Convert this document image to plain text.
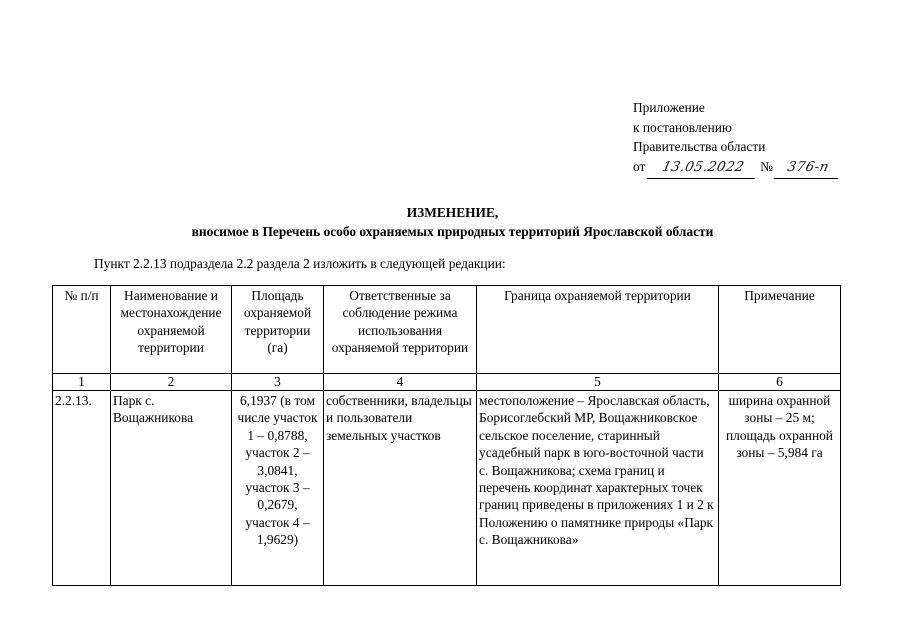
Приложение
к постановлению
Правительства области
от 13.05.2022 № 376-п
ИЗМЕНЕНИЕ,
вносимое в Перечень особо охраняемых природных территорий Ярославской области
Пункт 2.2.13 подраздела 2.2 раздела 2 изложить в следующей редакции:
№ п/п	Наименование и местонахождение охраняемой территории	Площадь охраняемой территории (га)	Ответственные за соблюдение режима использования охраняемой территории	Граница охраняемой территории	Примечание
1	2	3	4	5	6
2.2.13.	Парк с. Вощажникова	6,1937 (в том числе участок 1 – 0,8788, участок 2 – 3,0841, участок 3 – 0,2679, участок 4 – 1,9629)	собственники, владельцы и пользователи земельных участков	местоположение – Ярославская область, Борисоглебский МР, Вощажниковское сельское поселение, старинный усадебный парк в юго-восточной части с. Вощажникова; схема границ и перечень координат характерных точек границ приведены в приложениях 1 и 2 к Положению о памятнике природы «Парк с. Вощажникова»	ширина охранной зоны – 25 м; площадь охранной зоны – 5,984 га
